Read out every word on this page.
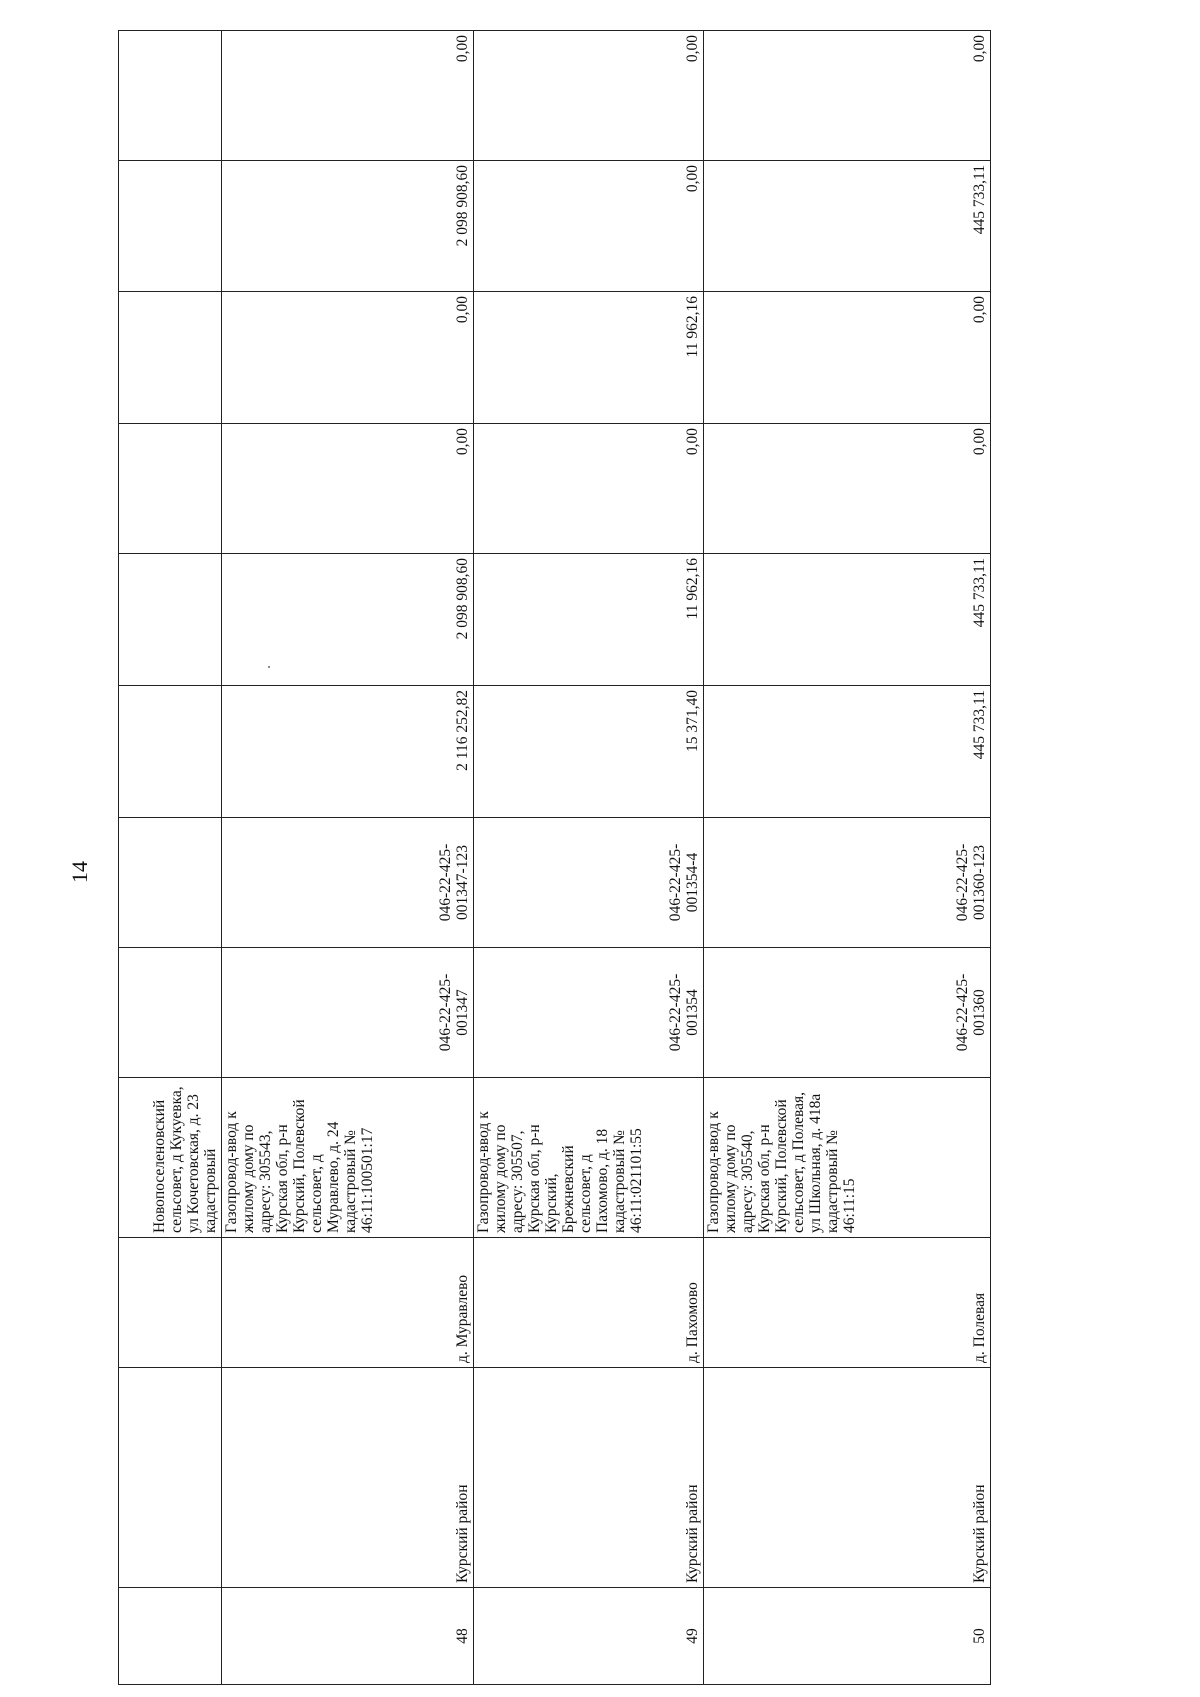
14
			Новопоселеновский сельсовет, д Кукуевка, ул Кочетовская, д. 23 кадастровый								
48	Курский район	д. Муравлево	Газопровод-ввод к жилому дому по адресу: 305543, Курская обл, р-н Курский, Полевской сельсовет, д Муравлево, д. 24 кадастровый № 46:11:100501:17	046-22-425-001347	046-22-425-001347-123	2 116 252,82	2 098 908,60	0,00	0,00	2 098 908,60	0,00
49	Курский район	д. Пахомово	Газопровод-ввод к жилому дому по адресу: 305507, Курская обл, р-н Курский, Брежневский сельсовет, д Пахомово, д. 18 кадастровый № 46:11:021101:55	046-22-425-001354	046-22-425-001354-4	15 371,40	11 962,16	0,00	11 962,16	0,00	0,00
50	Курский район	д. Полевая	Газопровод-ввод к жилому дому по адресу: 305540, Курская обл, р-н Курский, Полевской сельсовет, д Полевая, ул Школьная, д. 418а кадастровый № 46:11:15	046-22-425-001360	046-22-425-001360-123	445 733,11	445 733,11	0,00	0,00	445 733,11	0,00
